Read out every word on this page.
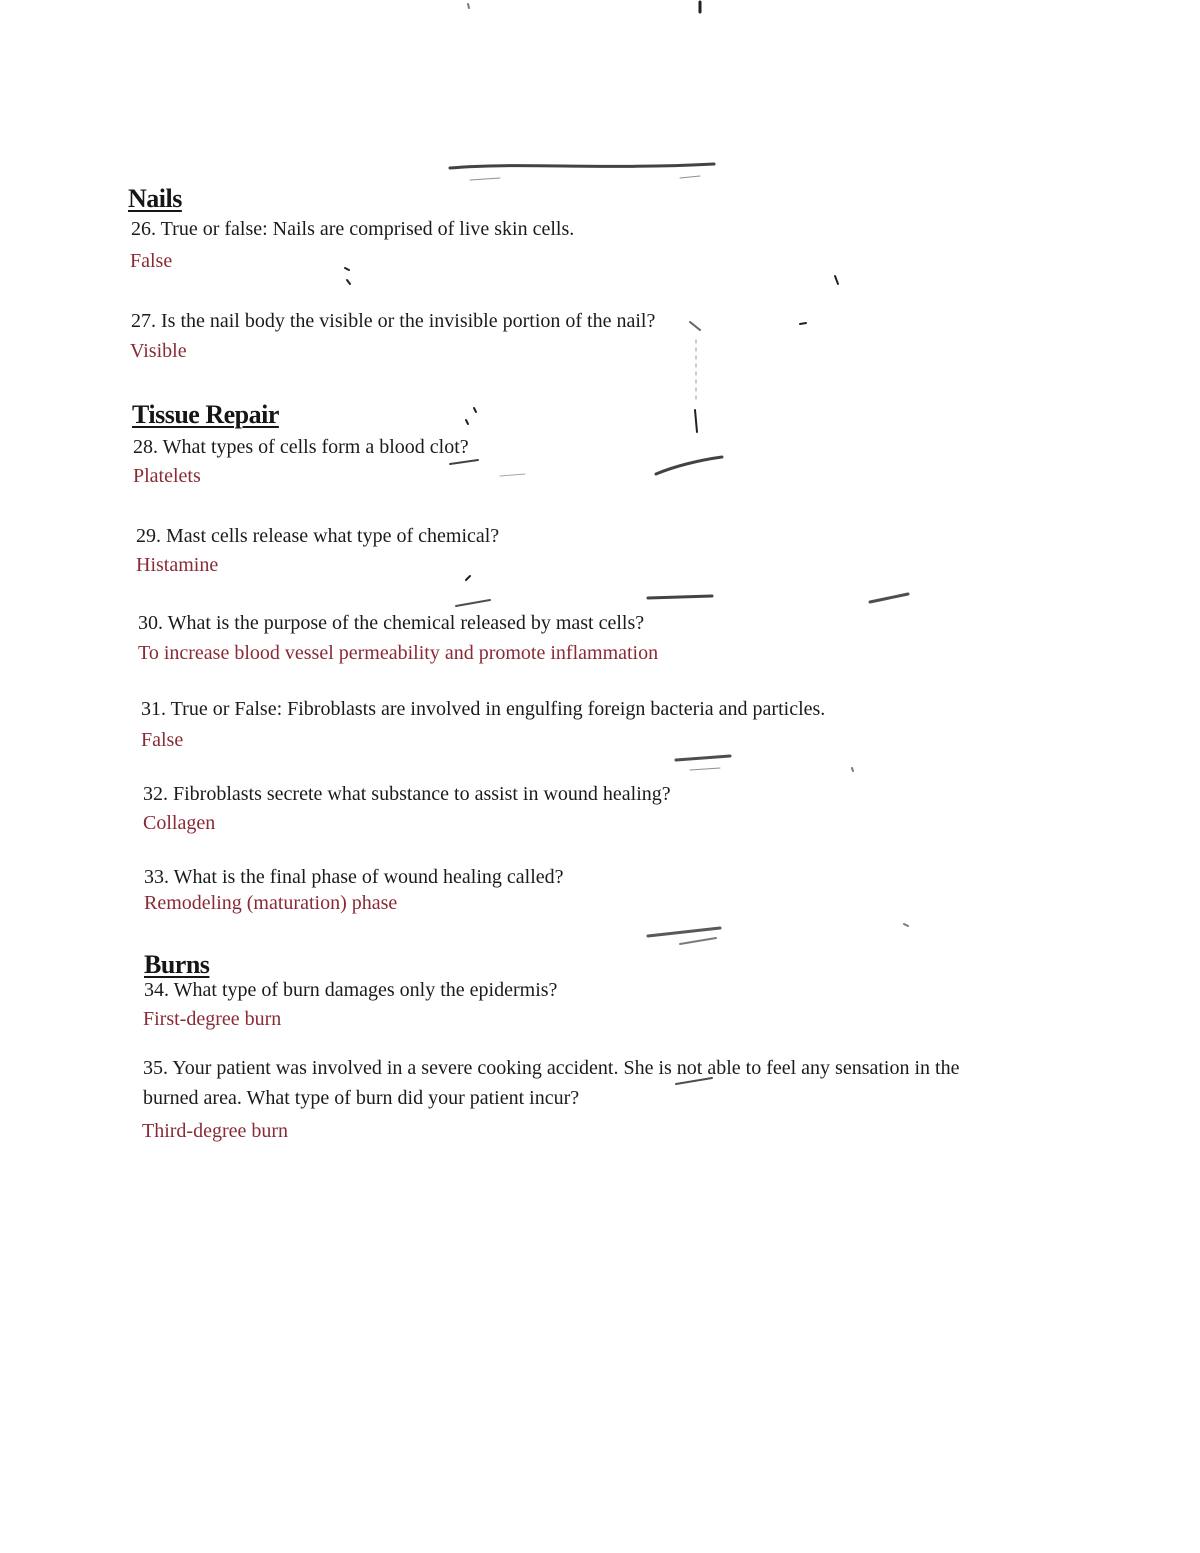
Nails
26. True or false: Nails are comprised of live skin cells.
False
27. Is the nail body the visible or the invisible portion of the nail?
Visible
Tissue Repair
28. What types of cells form a blood clot?
Platelets
29. Mast cells release what type of chemical?
Histamine
30. What is the purpose of the chemical released by mast cells?
To increase blood vessel permeability and promote inflammation
31. True or False: Fibroblasts are involved in engulfing foreign bacteria and particles.
False
32. Fibroblasts secrete what substance to assist in wound healing?
Collagen
33. What is the final phase of wound healing called?
Remodeling (maturation) phase
Burns
34. What type of burn damages only the epidermis?
First-degree burn
35. Your patient was involved in a severe cooking accident. She is not able to feel any sensation in the burned area. What type of burn did your patient incur?
Third-degree burn
